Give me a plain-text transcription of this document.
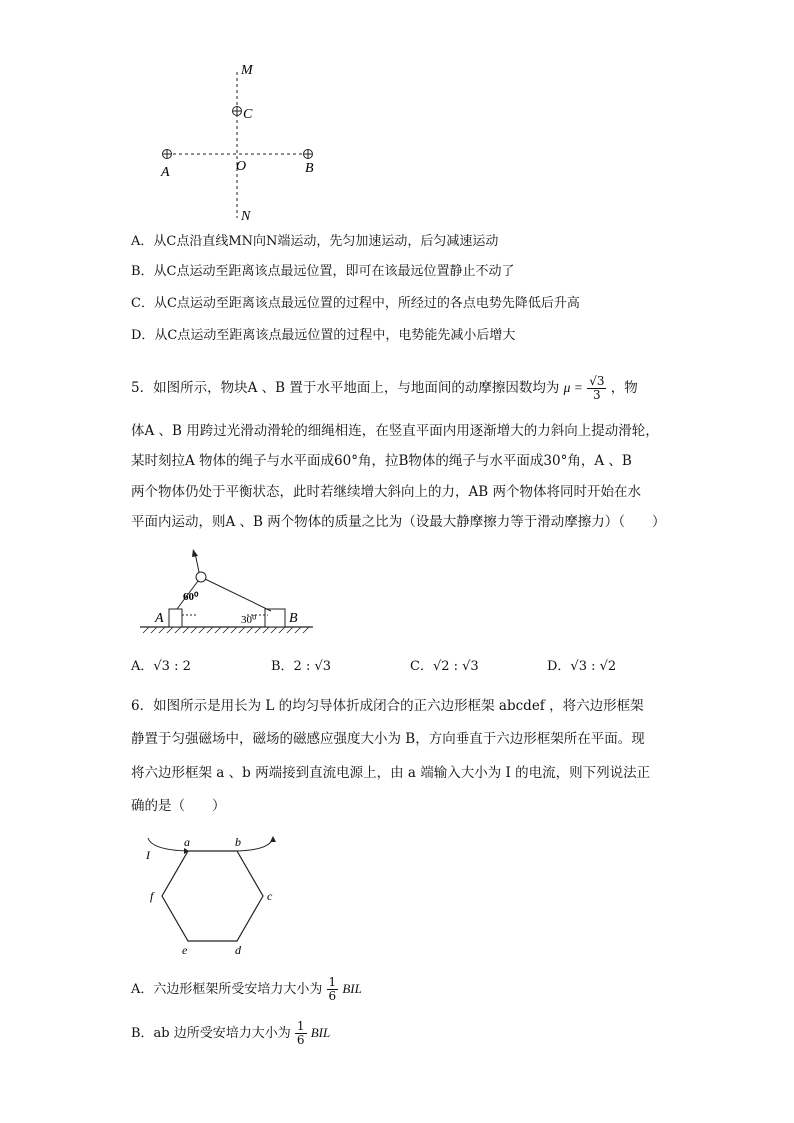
M
C
O
A	B
N
A．从C点沿直线MN向N端运动，先匀加速运动，后匀减速运动
B．从C点运动至距离该点最远位置，即可在该最远位置静止不动了
C．从C点运动至距离该点最远位置的过程中，所经过的各点电势先降低后升高
D．从C点运动至距离该点最远位置的过程中，电势能先减小后增大
5．如图所示，物块A 、B 置于水平地面上，与地面间的动摩擦因数均为 $\mu = \frac{√3}{3}$ ，物
体A 、B 用跨过光滑动滑轮的细绳相连，在竖直平面内用逐渐增大的力斜向上提动滑轮，
某时刻拉A 物体的绳子与水平面成60°角，拉B物体的绳子与水平面成30°角，A 、B
两个物体仍处于平衡状态，此时若继续增大斜向上的力，AB 两个物体将同时开始在水
平面内运动，则A 、B 两个物体的质量之比为（设最大静摩擦力等于滑动摩擦力）（　　）
60⁰
30⁰
A	B
A．√3 : 2	B．2 : √3	C．√2 : √3	D．√3 : √2
6．如图所示是用长为 L 的均匀导体折成闭合的正六边形框架 abcdef ，将六边形框架
静置于匀强磁场中，磁场的磁感应强度大小为 B，方向垂直于六边形框架所在平面。现
将六边形框架 a 、b 两端接到直流电源上，由 a 端输入大小为 I 的电流，则下列说法正
确的是（　　）
I
a	b
c
d
e
f
A．六边形框架所受安培力大小为 $\frac{1}{6}$ BIL
B．ab 边所受安培力大小为 $\frac{1}{6}$ BIL
